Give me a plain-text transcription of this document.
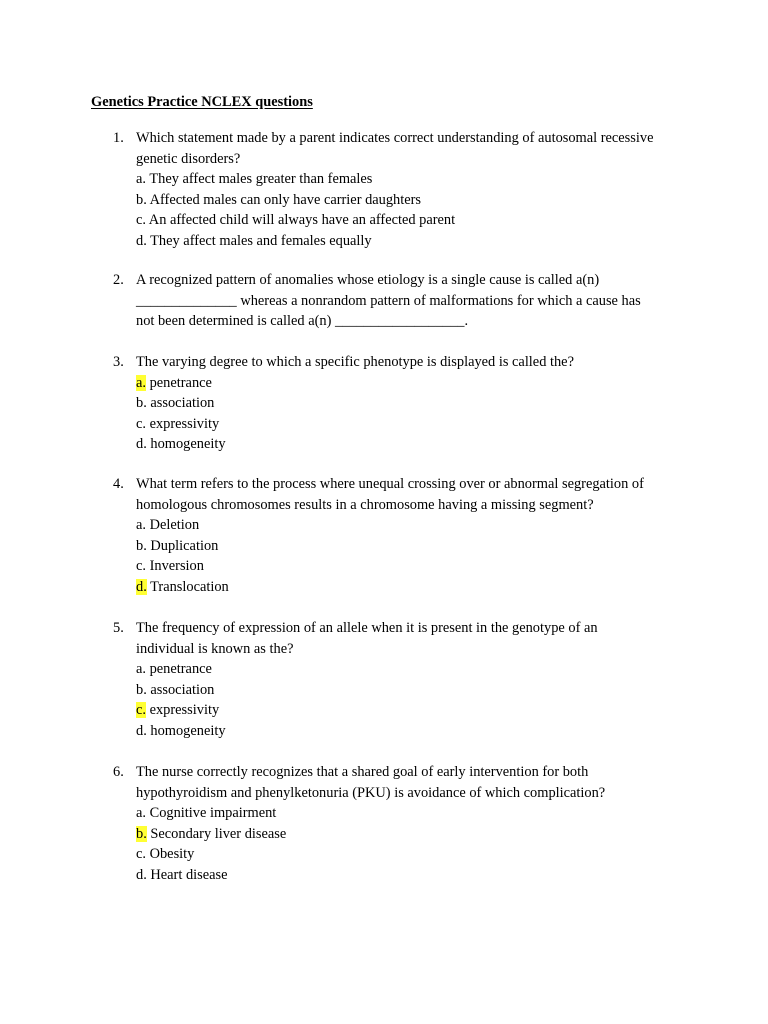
Genetics Practice NCLEX questions
1. Which statement made by a parent indicates correct understanding of autosomal recessive
genetic disorders?
a. They affect males greater than females
b. Affected males can only have carrier daughters
c. An affected child will always have an affected parent
d. They affect males and females equally
2. A recognized pattern of anomalies whose etiology is a single cause is called a(n)
______________ whereas a nonrandom pattern of malformations for which a cause has
not been determined is called a(n) __________________.
3. The varying degree to which a specific phenotype is displayed is called the?
a. penetrance
b. association
c. expressivity
d. homogeneity
4. What term refers to the process where unequal crossing over or abnormal segregation of
homologous chromosomes results in a chromosome having a missing segment?
a. Deletion
b. Duplication
c. Inversion
d. Translocation
5. The frequency of expression of an allele when it is present in the genotype of an
individual is known as the?
a. penetrance
b. association
c. expressivity
d. homogeneity
6. The nurse correctly recognizes that a shared goal of early intervention for both
hypothyroidism and phenylketonuria (PKU) is avoidance of which complication?
a. Cognitive impairment
b. Secondary liver disease
c. Obesity
d. Heart disease
